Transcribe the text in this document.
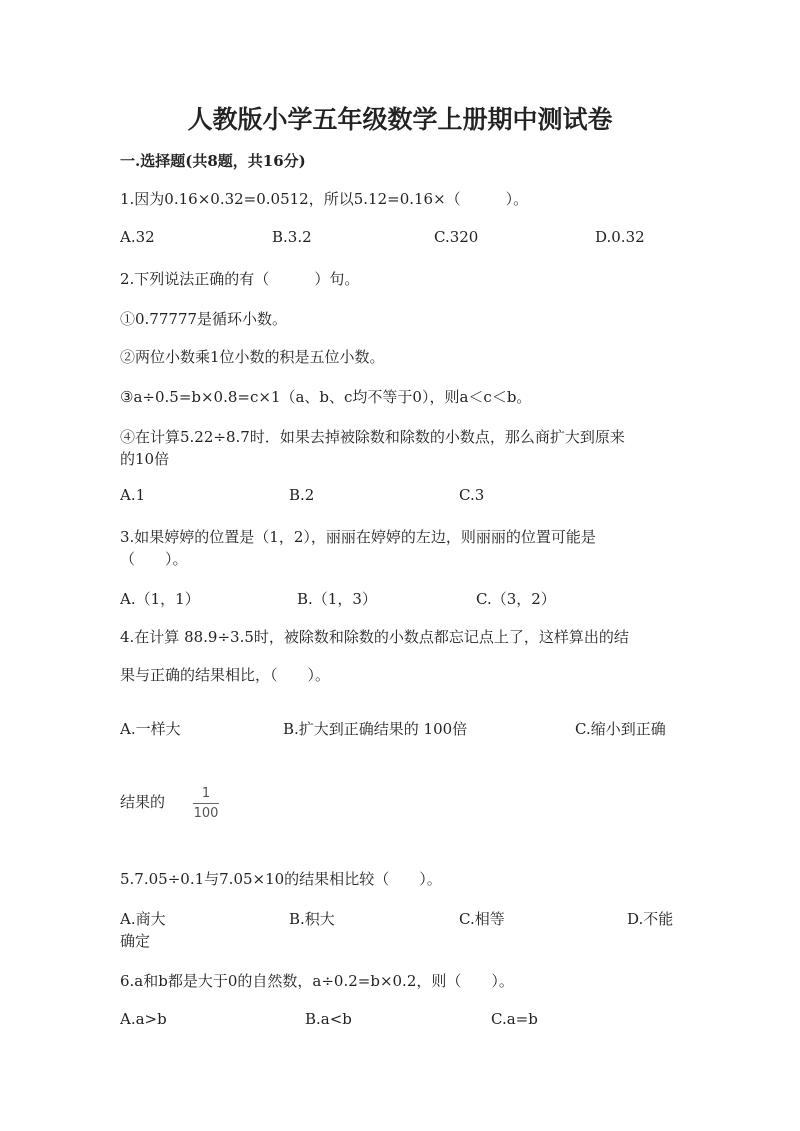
人教版小学五年级数学上册期中测试卷
一.选择题(共8题，共16分)
1.因为0.16×0.32=0.0512，所以5.12=0.16×（　　　）。
A.32	B.3.2	C.320	D.0.32
2.下列说法正确的有（　　　）句。
①0.77777是循环小数。
②两位小数乘1位小数的积是五位小数。
③a÷0.5=b×0.8=c×1（a、b、c均不等于0），则a＜c＜b。
④在计算5.22÷8.7时．如果去掉被除数和除数的小数点，那么商扩大到原来
的10倍
A.1	B.2	C.3
3.如果婷婷的位置是（1，2），丽丽在婷婷的左边，则丽丽的位置可能是
（　　）。
A.（1，1）	B.（1，3）	C.（3，2）
4.在计算 88.9÷3.5时，被除数和除数的小数点都忘记点上了，这样算出的结
果与正确的结果相比，（　　）。
A.一样大	B.扩大到正确结果的 100倍	C.缩小到正确
结果的	1
100
5.7.05÷0.1与7.05×10的结果相比较（　　）。
A.商大	B.积大	C.相等	D.不能
确定
6.a和b都是大于0的自然数，a÷0.2=b×0.2，则（　　）。
A.a>b	B.a<b	C.a=b
